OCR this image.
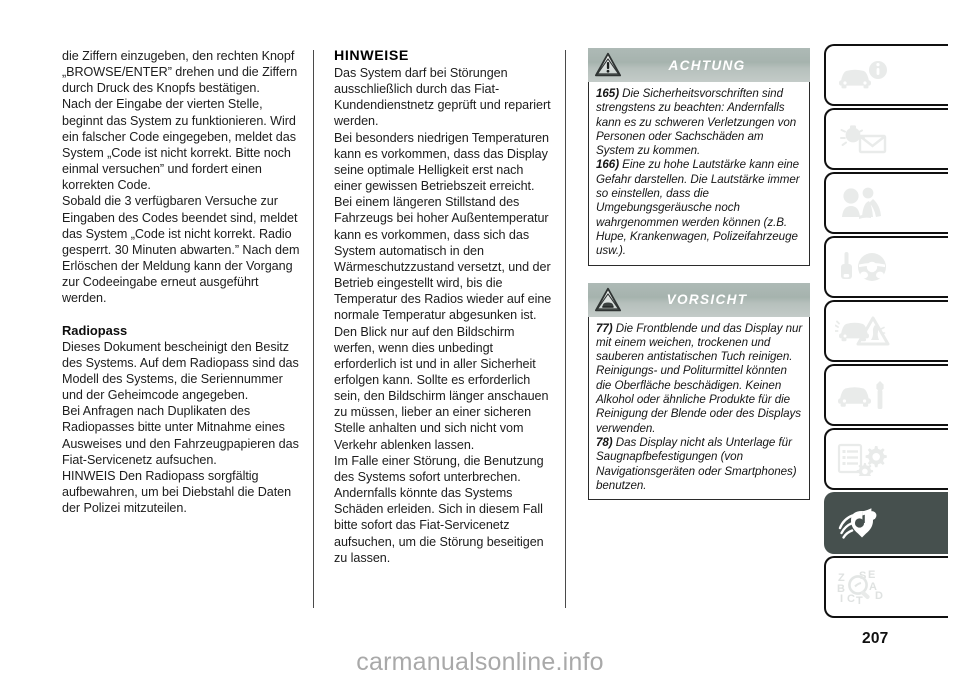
die Ziffern einzugeben, den rechten Knopf „BROWSE/ENTER” drehen und die Ziffern durch Druck des Knopfs bestätigen.

Nach der Eingabe der vierten Stelle, beginnt das System zu funktionieren. Wird ein falscher Code eingegeben, meldet das System „Code ist nicht korrekt. Bitte noch einmal versuchen” und fordert einen korrekten Code.

Sobald die 3 verfügbaren Versuche zur Eingaben des Codes beendet sind, meldet das System „Code ist nicht korrekt. Radio gesperrt. 30 Minuten abwarten.” Nach dem Erlöschen der Meldung kann der Vorgang zur Codeeingabe erneut ausgeführt werden.

Radiopass

Dieses Dokument bescheinigt den Besitz des Systems. Auf dem Radiopass sind das Modell des Systems, die Seriennummer und der Geheimcode angegeben.

Bei Anfragen nach Duplikaten des Radiopasses bitte unter Mitnahme eines Ausweises und den Fahrzeugpapieren das Fiat-Servicenetz aufsuchen.

HINWEIS Den Radiopass sorgfältig aufbewahren, um bei Diebstahl die Daten der Polizei mitzuteilen.

HINWEISE

Das System darf bei Störungen ausschließlich durch das Fiat-Kundendienstnetz geprüft und repariert werden.

Bei besonders niedrigen Temperaturen kann es vorkommen, dass das Display seine optimale Helligkeit erst nach einer gewissen Betriebszeit erreicht.

Bei einem längeren Stillstand des Fahrzeugs bei hoher Außentemperatur kann es vorkommen, dass sich das System automatisch in den Wärmeschutzzustand versetzt, und der Betrieb eingestellt wird, bis die Temperatur des Radios wieder auf eine normale Temperatur abgesunken ist.

Den Blick nur auf den Bildschirm werfen, wenn dies unbedingt erforderlich ist und in aller Sicherheit erfolgen kann. Sollte es erforderlich sein, den Bildschirm länger anschauen zu müssen, lieber an einer sicheren Stelle anhalten und sich nicht vom Verkehr ablenken lassen.

Im Falle einer Störung, die Benutzung des Systems sofort unterbrechen. Andernfalls könnte das Systems Schäden erleiden. Sich in diesem Fall bitte sofort das Fiat-Servicenetz aufsuchen, um die Störung beseitigen zu lassen.

ACHTUNG

165) Die Sicherheitsvorschriften sind strengstens zu beachten: Andernfalls kann es zu schweren Verletzungen von Personen oder Sachschäden am System zu kommen.

166) Eine zu hohe Lautstärke kann eine Gefahr darstellen. Die Lautstärke immer so einstellen, dass die Umgebungsgeräusche noch wahrgenommen werden können (z.B. Hupe, Krankenwagen, Polizeifahrzeuge usw.).

VORSICHT

77) Die Frontblende und das Display nur mit einem weichen, trockenen und sauberen antistatischen Tuch reinigen. Reinigungs- und Politurmittel könnten die Oberfläche beschädigen. Keinen Alkohol oder ähnliche Produkte für die Reinigung der Blende oder des Displays verwenden.

78) Das Display nicht als Unterlage für Saugnapfbefestigungen (von Navigationsgeräten oder Smartphones) benutzen.

Z
B
I C T
S E
A
D
207
carmanualsonline.info
